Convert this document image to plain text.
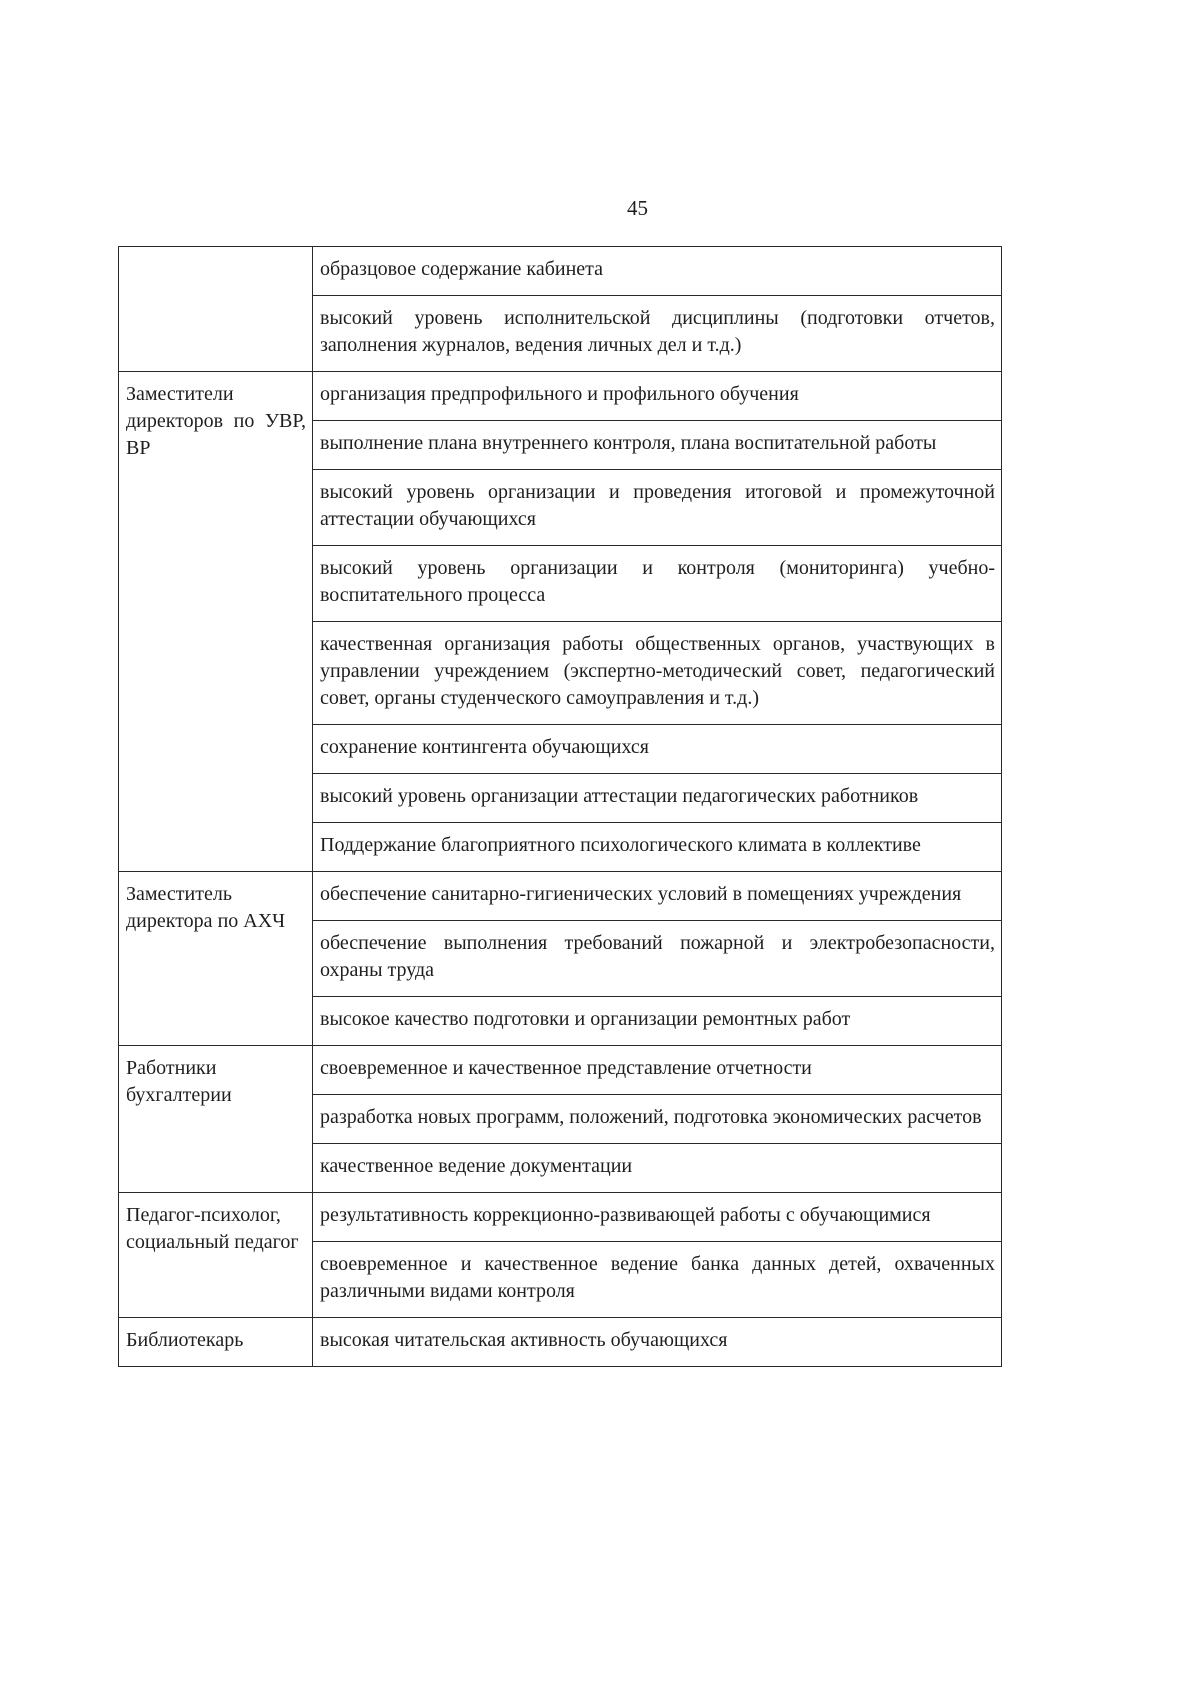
45
	образцовое содержание кабинета
	высокий уровень исполнительской дисциплины (подготовки отчетов, заполнения журналов, ведения личных дел и т.д.)
Заместители директоров по УВР, ВР	организация предпрофильного и профильного обучения
	выполнение плана внутреннего контроля, плана воспитательной работы
	высокий уровень организации и проведения итоговой и промежуточной аттестации обучающихся
	высокий уровень организации и контроля (мониторинга) учебно-воспитательного процесса
	качественная организация работы общественных органов, участвующих в управлении учреждением (экспертно-методический совет, педагогический совет, органы студенческого самоуправления и т.д.)
	сохранение контингента обучающихся
	высокий уровень организации аттестации педагогических работников
	Поддержание благоприятного психологического климата в коллективе
Заместитель директора по АХЧ	обеспечение санитарно-гигиенических условий в помещениях учреждения
	обеспечение выполнения требований пожарной и электробезопасности, охраны труда
	высокое качество подготовки и организации ремонтных работ
Работники бухгалтерии	своевременное и качественное представление отчетности
	разработка новых программ, положений, подготовка экономических расчетов
	качественное ведение документации
Педагог-психолог, социальный педагог	результативность коррекционно-развивающей работы с обучающимися
	своевременное и качественное ведение банка данных детей, охваченных различными видами контроля
Библиотекарь	высокая читательская активность обучающихся
